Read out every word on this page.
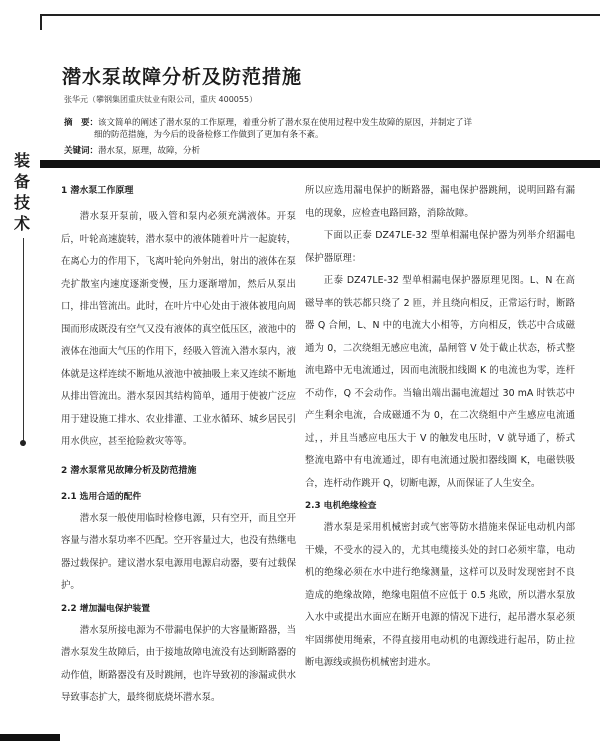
潜水泵故障分析及防范措施
张华元（攀钢集团重庆钛业有限公司，重庆 400055）
摘　要：该文简单的阐述了潜水泵的工作原理，着重分析了潜水泵在使用过程中发生故障的原因，并制定了详
细的防范措施，为今后的设备检修工作做到了更加有条不紊。
关键词：潜水泵，原理，故障，分析
装
备
技
术
1 潜水泵工作原理

潜水泵开泵前，吸入管和泵内必须充满液体。开泵后，叶轮高速旋转，潜水泵中的液体随着叶片一起旋转，在离心力的作用下，飞离叶轮向外射出，射出的液体在泵壳扩散室内速度逐渐变慢，压力逐渐增加，然后从泵出口，排出管流出。此时，在叶片中心处由于液体被甩向周围而形成既没有空气又没有液体的真空低压区，液池中的液体在池面大气压的作用下，经吸入管流入潜水泵内，液体就是这样连续不断地从液池中被抽吸上来又连续不断地从排出管流出。潜水泵因其结构简单，通用于使被广泛应用于建设施工排水、农业排灌、工业水循环、城乡居民引用水供应，甚至抢险救灾等等。

2 潜水泵常见故障分析及防范措施
2.1 选用合适的配件

潜水泵一般使用临时检修电源，只有空开，而且空开容量与潜水泵功率不匹配。空开容量过大，也没有热继电器过载保护。建议潜水泵电源用电源启动器，要有过载保护。

2.2 增加漏电保护装置

潜水泵所接电源为不带漏电保护的大容量断路器，当潜水泵发生故障后，由于接地故障电流没有达到断路器的动作值，断路器没有及时跳闸，也许导致初的渗漏或供水导致事态扩大，最终彻底烧坏潜水泵。

所以应选用漏电保护的断路器，漏电保护器跳闸，说明回路有漏电的现象，应检查电路回路，消除故障。

下面以正泰 DZ47LE-32 型单相漏电保护器为列举介绍漏电保护器原理：

正泰 DZ47LE-32 型单相漏电保护器原理见图。L、N 在高磁导率的铁芯都只绕了 2 匝，并且绕向相反，正常运行时，断路器 Q 合闸，L、N 中的电流大小相等，方向相反，铁芯中合成磁通为 0，二次绕组无感应电流，晶闸管 V 处于截止状态，桥式整流电路中无电流通过，因而电流脱扣线圈 K 的电流也为零，连杆不动作，Q 不会动作。当输出端出漏电流超过 30 mA 时铁芯中产生剩余电流，合成磁通不为 0，在二次绕组中产生感应电流通过，，并且当感应电压大于 V 的触发电压时，V 就导通了，桥式整流电路中有电流通过，即有电流通过脱扣器线圈 K，电磁铁吸合，连杆动作跳开 Q，切断电源，从而保证了人生安全。

2.3 电机绝缘检查

潜水泵是采用机械密封或气密等防水措施来保证电动机内部干燥，不受水的浸入的，尤其电缆接头处的封口必须牢靠，电动机的绝缘必须在水中进行绝缘测量，这样可以及时发现密封不良造成的绝缘故障，绝缘电阻值不应低于 0.5 兆欧，所以潜水泵放入水中或提出水面应在断开电源的情况下进行，起吊潜水泵必须牢固绑使用绳索，不得直接用电动机的电源线进行起吊，防止拉断电源线或损伤机械密封进水。
